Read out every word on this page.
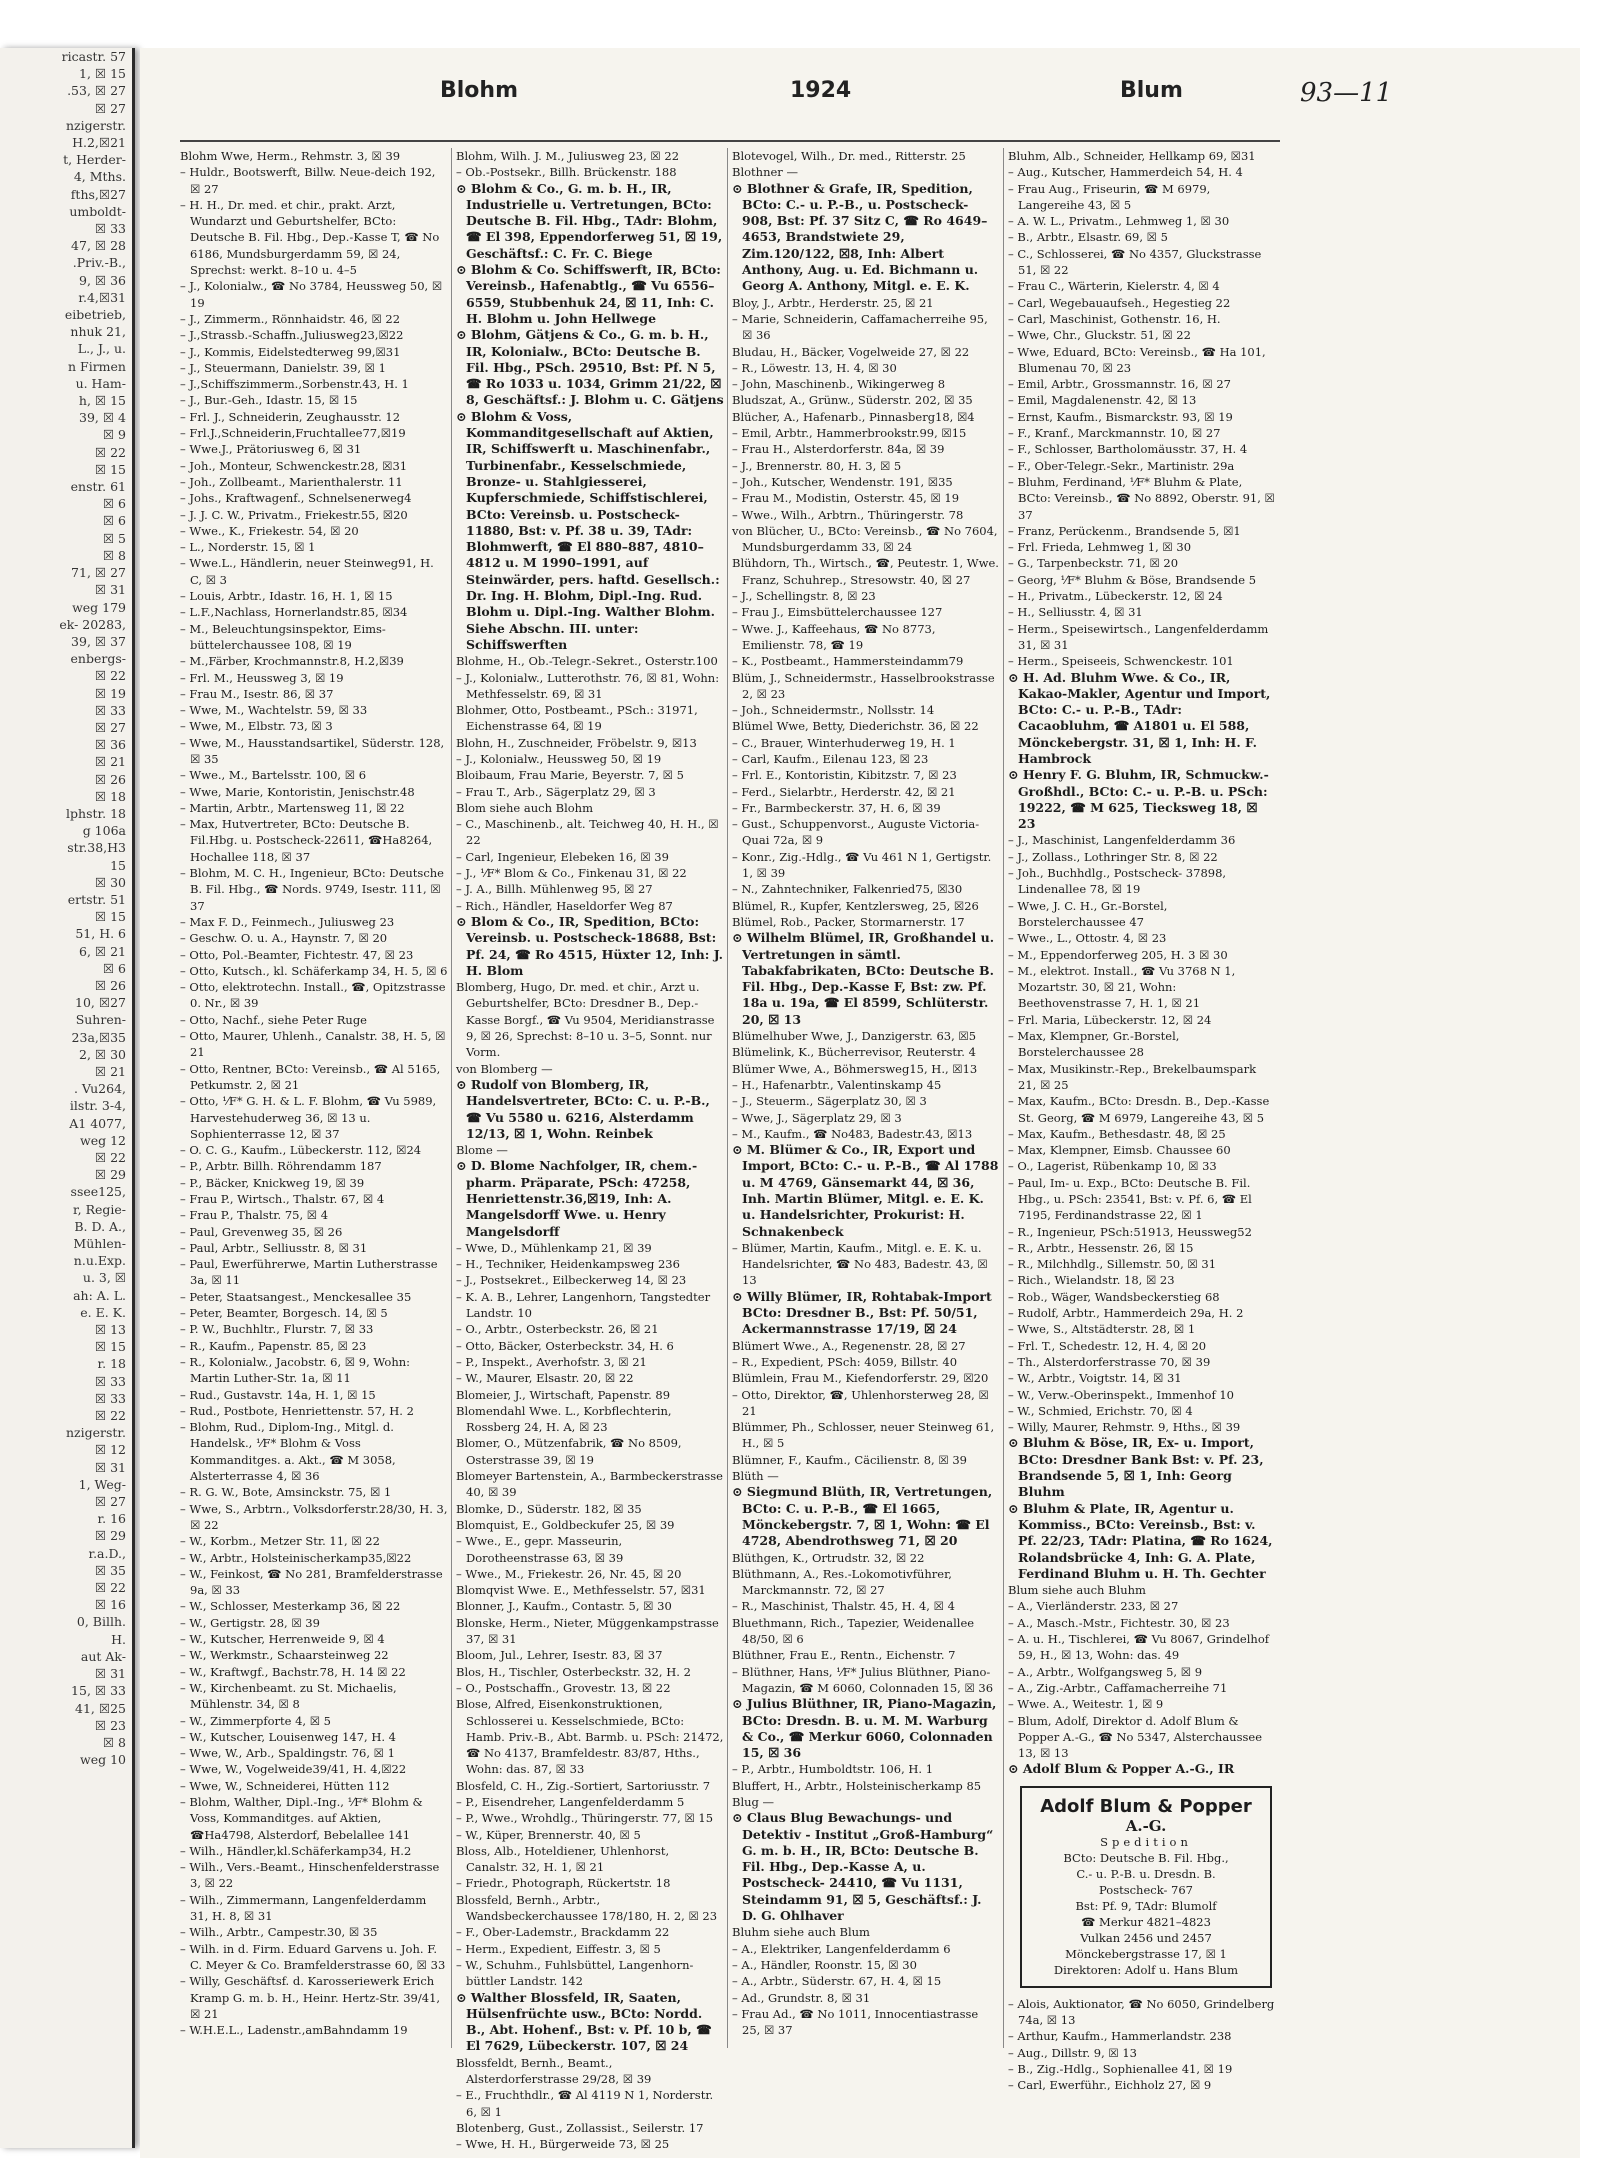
ricastr. 57
1, ☒ 15
.53, ☒ 27
☒ 27
nzigerstr.
H.2,☒21
t, Herder-
4, Mths.
fths,☒27
umboldt-
☒ 33
47, ☒ 28
.Priv.-B.,
9, ☒ 36
r.4,☒31
eibetrieb,
nhuk 21,
L., J., u.
n Firmen
u. Ham-
h, ☒ 15
39, ☒ 4
☒ 9
☒ 22
☒ 15
enstr. 61
☒ 6
☒ 6
☒ 5
☒ 8
71, ☒ 27
☒ 31
weg 179
ek- 20283,
39, ☒ 37
enbergs-
☒ 22
☒ 19
☒ 33
☒ 27
☒ 36
☒ 21
☒ 26
☒ 18
lphstr. 18
g 106a
str.38,H3
15
☒ 30
ertstr. 51
☒ 15
51, H. 6
6, ☒ 21
☒ 6
☒ 26
10, ☒27
Suhren-
23a,☒35
2, ☒ 30
☒ 21
. Vu264,
ilstr. 3-4,
A1 4077,
weg 12
☒ 22
☒ 29
ssee125,
r, Regie-
B. D. A.,
Mühlen-
n.u.Exp.
u. 3, ☒
ah: A. L.
e. E. K.
☒ 13
☒ 15
r. 18
☒ 33
☒ 33
☒ 22
nzigerstr.
☒ 12
☒ 31
1, Weg-
☒ 27
r. 16
☒ 29
r.a.D.,
☒ 35
☒ 22
☒ 16
0, Billh.
H.
aut Ak-
☒ 31
15, ☒ 33
41, ☒25
☒ 23
☒ 8
weg 10
Blohm	1924	Blum	93—11

Blohm Wwe, Herm., Rehmstr. 3, ☒ 39

– Huldr., Bootswerft, Billw. Neue-deich 192, ☒ 27

– H. H., Dr. med. et chir., prakt. Arzt, Wundarzt und Geburtshelfer, BCto: Deutsche B. Fil. Hbg., Dep.-Kasse T, ☎ No 6186, Mundsburgerdamm 59, ☒ 24, Sprechst: werkt. 8–10 u. 4–5

– J., Kolonialw., ☎ No 3784, Heussweg 50, ☒ 19

– J., Zimmerm., Rönnhaidstr. 46, ☒ 22

– J.,Strassb.-Schaffn.,Juliusweg23,☒22

– J., Kommis, Eidelstedterweg 99,☒31

– J., Steuermann, Danielstr. 39, ☒ 1

– J.,Schiffszimmerm.,Sorbenstr.43, H. 1

– J., Bur.-Geh., Idastr. 15, ☒ 15

– Frl. J., Schneiderin, Zeughausstr. 12

– Frl.J.,Schneiderin,Fruchtallee77,☒19

– Wwe.J., Prätoriusweg 6, ☒ 31

– Joh., Monteur, Schwenckestr.28, ☒31

– Joh., Zollbeamt., Marienthalerstr. 11

– Johs., Kraftwagenf., Schnelsenerweg4

– J. J. C. W., Privatm., Friekestr.55, ☒20

– Wwe., K., Friekestr. 54, ☒ 20

– L., Norderstr. 15, ☒ 1

– Wwe.L., Händlerin, neuer Steinweg91, H. C, ☒ 3

– Louis, Arbtr., Idastr. 16, H. 1, ☒ 15

– L.F.,Nachlass, Hornerlandstr.85, ☒34

– M., Beleuchtungsinspektor, Eims-büttelerchaussee 108, ☒ 19

– M.,Färber, Krochmannstr.8, H.2,☒39

– Frl. M., Heussweg 3, ☒ 19

– Frau M., Isestr. 86, ☒ 37

– Wwe, M., Wachtelstr. 59, ☒ 33

– Wwe, M., Elbstr. 73, ☒ 3

– Wwe, M., Hausstandsartikel, Süderstr. 128, ☒ 35

– Wwe., M., Bartelsstr. 100, ☒ 6

– Wwe, Marie, Kontoristin, Jenischstr.48

– Martin, Arbtr., Martensweg 11, ☒ 22

– Max, Hutvertreter, BCto: Deutsche B. Fil.Hbg. u. Postscheck-22611, ☎Ha8264, Hochallee 118, ☒ 37

– Blohm, M. C. H., Ingenieur, BCto: Deutsche B. Fil. Hbg., ☎ Nords. 9749, Isestr. 111, ☒ 37

– Max F. D., Feinmech., Juliusweg 23

– Geschw. O. u. A., Haynstr. 7, ☒ 20

– Otto, Pol.-Beamter, Fichtestr. 47, ☒ 23

– Otto, Kutsch., kl. Schäferkamp 34, H. 5, ☒ 6

– Otto, elektrotechn. Install., ☎, Opitzstrasse 0. Nr., ☒ 39

– Otto, Nachf., siehe Peter Ruge

– Otto, Maurer, Uhlenh., Canalstr. 38, H. 5, ☒ 21

– Otto, Rentner, BCto: Vereinsb., ☎ Al 5165, Petkumstr. 2, ☒ 21

– Otto, ⅟F* G. H. & L. F. Blohm, ☎ Vu 5989, Harvestehuderweg 36, ☒ 13 u. Sophienterrasse 12, ☒ 37

– O. C. G., Kaufm., Lübeckerstr. 112, ☒24

– P., Arbtr. Billh. Röhrendamm 187

– P., Bäcker, Knickweg 19, ☒ 39

– Frau P., Wirtsch., Thalstr. 67, ☒ 4

– Frau P., Thalstr. 75, ☒ 4

– Paul, Grevenweg 35, ☒ 26

– Paul, Arbtr., Selliusstr. 8, ☒ 31

– Paul, Ewerführerwe, Martin Lutherstrasse 3a, ☒ 11

– Peter, Staatsangest., Menckesallee 35

– Peter, Beamter, Borgesch. 14, ☒ 5

– P. W., Buchhltr., Flurstr. 7, ☒ 33

– R., Kaufm., Papenstr. 85, ☒ 23

– R., Kolonialw., Jacobstr. 6, ☒ 9, Wohn: Martin Luther-Str. 1a, ☒ 11

– Rud., Gustavstr. 14a, H. 1, ☒ 15

– Rud., Postbote, Henriettenstr. 57, H. 2

– Blohm, Rud., Diplom-Ing., Mitgl. d. Handelsk., ⅟F* Blohm & Voss Kommanditges. a. Akt., ☎ M 3058, Alsterterrasse 4, ☒ 36

– R. G. W., Bote, Amsinckstr. 75, ☒ 1

– Wwe, S., Arbtrn., Volksdorferstr.28/30, H. 3, ☒ 22

– W., Korbm., Metzer Str. 11, ☒ 22

– W., Arbtr., Holsteinischerkamp35,☒22

– W., Feinkost, ☎ No 281, Bramfelderstrasse 9a, ☒ 33

– W., Schlosser, Mesterkamp 36, ☒ 22

– W., Gertigstr. 28, ☒ 39

– W., Kutscher, Herrenweide 9, ☒ 4

– W., Werkmstr., Schaarsteinweg 22

– W., Kraftwgf., Bachstr.78, H. 14 ☒ 22

– W., Kirchenbeamt. zu St. Michaelis, Mühlenstr. 34, ☒ 8

– W., Zimmerpforte 4, ☒ 5

– W., Kutscher, Louisenweg 147, H. 4

– Wwe, W., Arb., Spaldingstr. 76, ☒ 1

– Wwe, W., Vogelweide39/41, H. 4,☒22

– Wwe, W., Schneiderei, Hütten 112

– Blohm, Walther, Dipl.-Ing., ⅟F* Blohm & Voss, Kommanditges. auf Aktien, ☎Ha4798, Alsterdorf, Bebelallee 141

– Wilh., Händler,kl.Schäferkamp34, H.2

– Wilh., Vers.-Beamt., Hinschenfelderstrasse 3, ☒ 22

– Wilh., Zimmermann, Langenfelderdamm 31, H. 8, ☒ 31

– Wilh., Arbtr., Campestr.30, ☒ 35

– Wilh. in d. Firm. Eduard Garvens u. Joh. F. C. Meyer & Co. Bramfelderstrasse 60, ☒ 33

– Willy, Geschäftsf. d. Karosseriewerk Erich Kramp G. m. b. H., Heinr. Hertz-Str. 39/41, ☒ 21

– W.H.E.L., Ladenstr.,amBahndamm 19

Blohm, Wilh. J. M., Juliusweg 23, ☒ 22

– Ob.-Postsekr., Billh. Brückenstr. 188

⊙ Blohm & Co., G. m. b. H., IR, Industrielle u. Vertretungen, BCto: Deutsche B. Fil. Hbg., TAdr: Blohm, ☎ El 398, Eppendorferweg 51, ☒ 19, Geschäftsf.: C. Fr. C. Biege

⊙ Blohm & Co. Schiffswerft, IR, BCto: Vereinsb., Hafenabtlg., ☎ Vu 6556–6559, Stubbenhuk 24, ☒ 11, Inh: C. H. Blohm u. John Hellwege

⊙ Blohm, Gätjens & Co., G. m. b. H., IR, Kolonialw., BCto: Deutsche B. Fil. Hbg., PSch. 29510, Bst: Pf. N 5, ☎ Ro 1033 u. 1034, Grimm 21/22, ☒ 8, Geschäftsf.: J. Blohm u. C. Gätjens

⊙ Blohm & Voss, Kommanditgesellschaft auf Aktien, IR, Schiffswerft u. Maschinenfabr., Turbinenfabr., Kesselschmiede, Bronze- u. Stahlgiesserei, Kupferschmiede, Schiffstischlerei, BCto: Vereinsb. u. Postscheck-11880, Bst: v. Pf. 38 u. 39, TAdr: Blohmwerft, ☎ El 880–887, 4810–4812 u. M 1990–1991, auf Steinwärder, pers. haftd. Gesellsch.: Dr. Ing. H. Blohm, Dipl.-Ing. Rud. Blohm u. Dipl.-Ing. Walther Blohm. Siehe Abschn. III. unter: Schiffswerften

Blohme, H., Ob.-Telegr.-Sekret., Osterstr.100

– J., Kolonialw., Lutterothstr. 76, ☒ 81, Wohn: Methfesselstr. 69, ☒ 31

Blohmer, Otto, Postbeamt., PSch.: 31971, Eichenstrasse 64, ☒ 19

Blohn, H., Zuschneider, Fröbelstr. 9, ☒13

– J., Kolonialw., Heussweg 50, ☒ 19

Bloibaum, Frau Marie, Beyerstr. 7, ☒ 5

– Frau T., Arb., Sägerplatz 29, ☒ 3

Blom siehe auch Blohm

– C., Maschinenb., alt. Teichweg 40, H. H., ☒ 22

– Carl, Ingenieur, Elebeken 16, ☒ 39

– J., ⅟F* Blom & Co., Finkenau 31, ☒ 22

– J. A., Billh. Mühlenweg 95, ☒ 27

– Rich., Händler, Haseldorfer Weg 87

⊙ Blom & Co., IR, Spedition, BCto: Vereinsb. u. Postscheck-18688, Bst: Pf. 24, ☎ Ro 4515, Hüxter 12, Inh: J. H. Blom

Blomberg, Hugo, Dr. med. et chir., Arzt u. Geburtshelfer, BCto: Dresdner B., Dep.-Kasse Borgf., ☎ Vu 9504, Meridianstrasse 9, ☒ 26, Sprechst: 8–10 u. 3–5, Sonnt. nur Vorm.

von Blomberg —

⊙ Rudolf von Blomberg, IR, Handelsvertreter, BCto: C. u. P.-B., ☎ Vu 5580 u. 6216, Alsterdamm 12/13, ☒ 1, Wohn. Reinbek

Blome —

⊙ D. Blome Nachfolger, IR, chem.-pharm. Präparate, PSch: 47258, Henriettenstr.36,☒19, Inh: A. Mangelsdorff Wwe. u. Henry Mangelsdorff

– Wwe, D., Mühlenkamp 21, ☒ 39

– H., Techniker, Heidenkampsweg 236

– J., Postsekret., Eilbeckerweg 14, ☒ 23

– K. A. B., Lehrer, Langenhorn, Tangstedter Landstr. 10

– O., Arbtr., Osterbeckstr. 26, ☒ 21

– Otto, Bäcker, Osterbeckstr. 34, H. 6

– P., Inspekt., Averhofstr. 3, ☒ 21

– W., Maurer, Elsastr. 20, ☒ 22

Blomeier, J., Wirtschaft, Papenstr. 89

Blomendahl Wwe. L., Korbflechterin, Rossberg 24, H. A, ☒ 23

Blomer, O., Mützenfabrik, ☎ No 8509, Osterstrasse 39, ☒ 19

Blomeyer Bartenstein, A., Barmbeckerstrasse 40, ☒ 39

Blomke, D., Süderstr. 182, ☒ 35

Blomquist, E., Goldbeckufer 25, ☒ 39

– Wwe., E., gepr. Masseurin, Dorotheenstrasse 63, ☒ 39

– Wwe., M., Friekestr. 26, Nr. 45, ☒ 20

Blomqvist Wwe. E., Methfesselstr. 57, ☒31

Blonner, J., Kaufm., Contastr. 5, ☒ 30

Blonske, Herm., Nieter, Müggenkampstrasse 37, ☒ 31

Bloom, Jul., Lehrer, Isestr. 83, ☒ 37

Blos, H., Tischler, Osterbeckstr. 32, H. 2

– O., Postschaffn., Grovestr. 13, ☒ 22

Blose, Alfred, Eisenkonstruktionen, Schlosserei u. Kesselschmiede, BCto: Hamb. Priv.-B., Abt. Barmb. u. PSch: 21472, ☎ No 4137, Bramfeldestr. 83/87, Hths., Wohn: das. 87, ☒ 33

Blosfeld, C. H., Zig.-Sortiert, Sartoriusstr. 7

– P., Eisendreher, Langenfelderdamm 5

– P., Wwe., Wrohdlg., Thüringerstr. 77, ☒ 15

– W., Küper, Brennerstr. 40, ☒ 5

Bloss, Alb., Hoteldiener, Uhlenhorst, Canalstr. 32, H. 1, ☒ 21

– Friedr., Photograph, Rückertstr. 18

Blossfeld, Bernh., Arbtr., Wandsbeckerchaussee 178/180, H. 2, ☒ 23

– F., Ober-Lademstr., Brackdamm 22

– Herm., Expedient, Eiffestr. 3, ☒ 5

– W., Schuhm., Fuhlsbüttel, Langenhorn-büttler Landstr. 142

⊙ Walther Blossfeld, IR, Saaten, Hülsenfrüchte usw., BCto: Nordd. B., Abt. Hohenf., Bst: v. Pf. 10 b, ☎ El 7629, Lübeckerstr. 107, ☒ 24

Blossfeldt, Bernh., Beamt., Alsterdorferstrasse 29/28, ☒ 39

– E., Fruchthdlr., ☎ Al 4119 N 1, Norderstr. 6, ☒ 1

Blotenberg, Gust., Zollassist., Seilerstr. 17

– Wwe, H. H., Bürgerweide 73, ☒ 25

Blotevogel, Wilh., Dr. med., Ritterstr. 25

Blothner —

⊙ Blothner & Grafe, IR, Spedition, BCto: C.- u. P.-B., u. Postscheck- 908, Bst: Pf. 37 Sitz C, ☎ Ro 4649–4653, Brandstwiete 29, Zim.120/122, ☒8, Inh: Albert Anthony, Aug. u. Ed. Bichmann u. Georg A. Anthony, Mitgl. e. E. K.

Bloy, J., Arbtr., Herderstr. 25, ☒ 21

– Marie, Schneiderin, Caffamacherreihe 95, ☒ 36

Bludau, H., Bäcker, Vogelweide 27, ☒ 22

– R., Löwestr. 13, H. 4, ☒ 30

– John, Maschinenb., Wikingerweg 8

Bludszat, A., Grünw., Süderstr. 202, ☒ 35

Blücher, A., Hafenarb., Pinnasberg18, ☒4

– Emil, Arbtr., Hammerbrookstr.99, ☒15

– Frau H., Alsterdorferstr. 84a, ☒ 39

– J., Brennerstr. 80, H. 3, ☒ 5

– Joh., Kutscher, Wendenstr. 191, ☒35

– Frau M., Modistin, Osterstr. 45, ☒ 19

– Wwe., Wilh., Arbtrn., Thüringerstr. 78

von Blücher, U., BCto: Vereinsb., ☎ No 7604, Mundsburgerdamm 33, ☒ 24

Blühdorn, Th., Wirtsch., ☎, Peutestr. 1, Wwe. Franz, Schuhrep., Stresowstr. 40, ☒ 27

– J., Schellingstr. 8, ☒ 23

– Frau J., Eimsbüttelerchaussee 127

– Wwe. J., Kaffeehaus, ☎ No 8773, Emilienstr. 78, ☎ 19

– K., Postbeamt., Hammersteindamm79

Blüm, J., Schneidermstr., Hasselbrookstrasse 2, ☒ 23

– Joh., Schneidermstr., Nollsstr. 14

Blümel Wwe, Betty, Diederichstr. 36, ☒ 22

– C., Brauer, Winterhuderweg 19, H. 1

– Carl, Kaufm., Eilenau 123, ☒ 23

– Frl. E., Kontoristin, Kibitzstr. 7, ☒ 23

– Ferd., Sielarbtr., Herderstr. 42, ☒ 21

– Fr., Barmbeckerstr. 37, H. 6, ☒ 39

– Gust., Schuppenvorst., Auguste Victoria-Quai 72a, ☒ 9

– Konr., Zig.-Hdlg., ☎ Vu 461 N 1, Gertigstr. 1, ☒ 39

– N., Zahntechniker, Falkenried75, ☒30

Blümel, R., Kupfer, Kentzlersweg, 25, ☒26

Blümel, Rob., Packer, Stormarnerstr. 17

⊙ Wilhelm Blümel, IR, Großhandel u. Vertretungen in sämtl. Tabakfabrikaten, BCto: Deutsche B. Fil. Hbg., Dep.-Kasse F, Bst: zw. Pf. 18a u. 19a, ☎ El 8599, Schlüterstr. 20, ☒ 13

Blümelhuber Wwe, J., Danzigerstr. 63, ☒5

Blümelink, K., Bücherrevisor, Reuterstr. 4

Blümer Wwe, A., Böhmersweg15, H., ☒13

– H., Hafenarbtr., Valentinskamp 45

– J., Steuerm., Sägerplatz 30, ☒ 3

– Wwe, J., Sägerplatz 29, ☒ 3

– M., Kaufm., ☎ No483, Badestr.43, ☒13

⊙ M. Blümer & Co., IR, Export und Import, BCto: C.- u. P.-B., ☎ Al 1788 u. M 4769, Gänsemarkt 44, ☒ 36, Inh. Martin Blümer, Mitgl. e. E. K. u. Handelsrichter, Prokurist: H. Schnakenbeck

– Blümer, Martin, Kaufm., Mitgl. e. E. K. u. Handelsrichter, ☎ No 483, Badestr. 43, ☒ 13

⊙ Willy Blümer, IR, Rohtabak-Import BCto: Dresdner B., Bst: Pf. 50/51, Ackermannstrasse 17/19, ☒ 24

Blümert Wwe., A., Regenenstr. 28, ☒ 27

– R., Expedient, PSch: 4059, Billstr. 40

Blümlein, Frau M., Kiefendorferstr. 29, ☒20

– Otto, Direktor, ☎, Uhlenhorsterweg 28, ☒ 21

Blümmer, Ph., Schlosser, neuer Steinweg 61, H., ☒ 5

Blümner, F., Kaufm., Cäcilienstr. 8, ☒ 39

Blüth —

⊙ Siegmund Blüth, IR, Vertretungen, BCto: C. u. P.-B., ☎ El 1665, Mönckebergstr. 7, ☒ 1, Wohn: ☎ El 4728, Abendrothsweg 71, ☒ 20

Blüthgen, K., Ortrudstr. 32, ☒ 22

Blüthmann, A., Res.-Lokomotivführer, Marckmannstr. 72, ☒ 27

– R., Maschinist, Thalstr. 45, H. 4, ☒ 4

Bluethmann, Rich., Tapezier, Weidenallee 48/50, ☒ 6

Blüthner, Frau E., Rentn., Eichenstr. 7

– Blüthner, Hans, ⅟F* Julius Blüthner, Piano-Magazin, ☎ M 6060, Colonnaden 15, ☒ 36

⊙ Julius Blüthner, IR, Piano-Magazin, BCto: Dresdn. B. u. M. M. Warburg & Co., ☎ Merkur 6060, Colonnaden 15, ☒ 36

– P., Arbtr., Humboldtstr. 106, H. 1

Bluffert, H., Arbtr., Holsteinischerkamp 85

Blug —

⊙ Claus Blug Bewachungs- und Detektiv - Institut „Groß-Hamburg“ G. m. b. H., IR, BCto: Deutsche B. Fil. Hbg., Dep.-Kasse A, u. Postscheck- 24410, ☎ Vu 1131, Steindamm 91, ☒ 5, Geschäftsf.: J. D. G. Ohlhaver

Bluhm siehe auch Blum

– A., Elektriker, Langenfelderdamm 6

– A., Händler, Roonstr. 15, ☒ 30

– A., Arbtr., Süderstr. 67, H. 4, ☒ 15

– Ad., Grundstr. 8, ☒ 31

– Frau Ad., ☎ No 1011, Innocentiastrasse 25, ☒ 37

Bluhm, Alb., Schneider, Hellkamp 69, ☒31

– Aug., Kutscher, Hammerdeich 54, H. 4

– Frau Aug., Friseurin, ☎ M 6979, Langereihe 43, ☒ 5

– A. W. L., Privatm., Lehmweg 1, ☒ 30

– B., Arbtr., Elsastr. 69, ☒ 5

– C., Schlosserei, ☎ No 4357, Gluckstrasse 51, ☒ 22

– Frau C., Wärterin, Kielerstr. 4, ☒ 4

– Carl, Wegebauaufseh., Hegestieg 22

– Carl, Maschinist, Gothenstr. 16, H.

– Wwe, Chr., Gluckstr. 51, ☒ 22

– Wwe, Eduard, BCto: Vereinsb., ☎ Ha 101, Blumenau 70, ☒ 23

– Emil, Arbtr., Grossmannstr. 16, ☒ 27

– Emil, Magdalenenstr. 42, ☒ 13

– Ernst, Kaufm., Bismarckstr. 93, ☒ 19

– F., Kranf., Marckmannstr. 10, ☒ 27

– F., Schlosser, Bartholomäusstr. 37, H. 4

– F., Ober-Telegr.-Sekr., Martinistr. 29a

– Bluhm, Ferdinand, ⅟F* Bluhm & Plate, BCto: Vereinsb., ☎ No 8892, Oberstr. 91, ☒ 37

– Franz, Perückenm., Brandsende 5, ☒1

– Frl. Frieda, Lehmweg 1, ☒ 30

– G., Tarpenbeckstr. 71, ☒ 20

– Georg, ⅟F* Bluhm & Böse, Brandsende 5

– H., Privatm., Lübeckerstr. 12, ☒ 24

– H., Selliusstr. 4, ☒ 31

– Herm., Speisewirtsch., Langenfelderdamm 31, ☒ 31

– Herm., Speiseeis, Schwenckestr. 101

⊙ H. Ad. Bluhm Wwe. & Co., IR, Kakao-Makler, Agentur und Import, BCto: C.- u. P.-B., TAdr: Cacaobluhm, ☎ A1801 u. El 588, Mönckebergstr. 31, ☒ 1, Inh: H. F. Hambrock

⊙ Henry F. G. Bluhm, IR, Schmuckw.-Großhdl., BCto: C.- u. P.-B. u. PSch: 19222, ☎ M 625, Tiecksweg 18, ☒ 23

– J., Maschinist, Langenfelderdamm 36

– J., Zollass., Lothringer Str. 8, ☒ 22

– Joh., Buchhdlg., Postscheck- 37898, Lindenallee 78, ☒ 19

– Wwe, J. C. H., Gr.-Borstel, Borstelerchaussee 47

– Wwe., L., Ottostr. 4, ☒ 23

– M., Eppendorferweg 205, H. 3 ☒ 30

– M., elektrot. Install., ☎ Vu 3768 N 1, Mozartstr. 30, ☒ 21, Wohn: Beethovenstrasse 7, H. 1, ☒ 21

– Frl. Maria, Lübeckerstr. 12, ☒ 24

– Max, Klempner, Gr.-Borstel, Borstelerchaussee 28

– Max, Musikinstr.-Rep., Brekelbaumspark 21, ☒ 25

– Max, Kaufm., BCto: Dresdn. B., Dep.-Kasse St. Georg, ☎ M 6979, Langereihe 43, ☒ 5

– Max, Kaufm., Bethesdastr. 48, ☒ 25

– Max, Klempner, Eimsb. Chaussee 60

– O., Lagerist, Rübenkamp 10, ☒ 33

– Paul, Im- u. Exp., BCto: Deutsche B. Fil. Hbg., u. PSch: 23541, Bst: v. Pf. 6, ☎ El 7195, Ferdinandstrasse 22, ☒ 1

– R., Ingenieur, PSch:51913, Heussweg52

– R., Arbtr., Hessenstr. 26, ☒ 15

– R., Milchhdlg., Sillemstr. 50, ☒ 31

– Rich., Wielandstr. 18, ☒ 23

– Rob., Wäger, Wandsbeckerstieg 68

– Rudolf, Arbtr., Hammerdeich 29a, H. 2

– Wwe, S., Altstädterstr. 28, ☒ 1

– Frl. T., Schedestr. 12, H. 4, ☒ 20

– Th., Alsterdorferstrasse 70, ☒ 39

– W., Arbtr., Voigtstr. 14, ☒ 31

– W., Verw.-Oberinspekt., Immenhof 10

– W., Schmied, Erichstr. 70, ☒ 4

– Willy, Maurer, Rehmstr. 9, Hths., ☒ 39

⊙ Bluhm & Böse, IR, Ex- u. Import, BCto: Dresdner Bank Bst: v. Pf. 23, Brandsende 5, ☒ 1, Inh: Georg Bluhm

⊙ Bluhm & Plate, IR, Agentur u. Kommiss., BCto: Vereinsb., Bst: v. Pf. 22/23, TAdr: Platina, ☎ Ro 1624, Rolandsbrücke 4, Inh: G. A. Plate, Ferdinand Bluhm u. H. Th. Gechter

Blum siehe auch Bluhm

– A., Vierländerstr. 233, ☒ 27

– A., Masch.-Mstr., Fichtestr. 30, ☒ 23

– A. u. H., Tischlerei, ☎ Vu 8067, Grindelhof 59, H., ☒ 13, Wohn: das. 49

– A., Arbtr., Wolfgangsweg 5, ☒ 9

– A., Zig.-Arbtr., Caffamacherreihe 71

– Wwe. A., Weitestr. 1, ☒ 9

– Blum, Adolf, Direktor d. Adolf Blum & Popper A.-G., ☎ No 5347, Alsterchaussee 13, ☒ 13

⊙ Adolf Blum & Popper A.-G., IR

Adolf Blum & Popper
A.-G.
Spedition
BCto: Deutsche B. Fil. Hbg.,
C.- u. P.-B. u. Dresdn. B.
Postscheck- 767
Bst: Pf. 9, TAdr: Blumolf
☎ Merkur 4821–4823
Vulkan 2456 und 2457
Mönckebergstrasse 17, ☒ 1
Direktoren: Adolf u. Hans Blum

– Alois, Auktionator, ☎ No 6050, Grindelberg 74a, ☒ 13

– Arthur, Kaufm., Hammerlandstr. 238

– Aug., Dillstr. 9, ☒ 13

– B., Zig.-Hdlg., Sophienallee 41, ☒ 19

– Carl, Ewerführ., Eichholz 27, ☒ 9
